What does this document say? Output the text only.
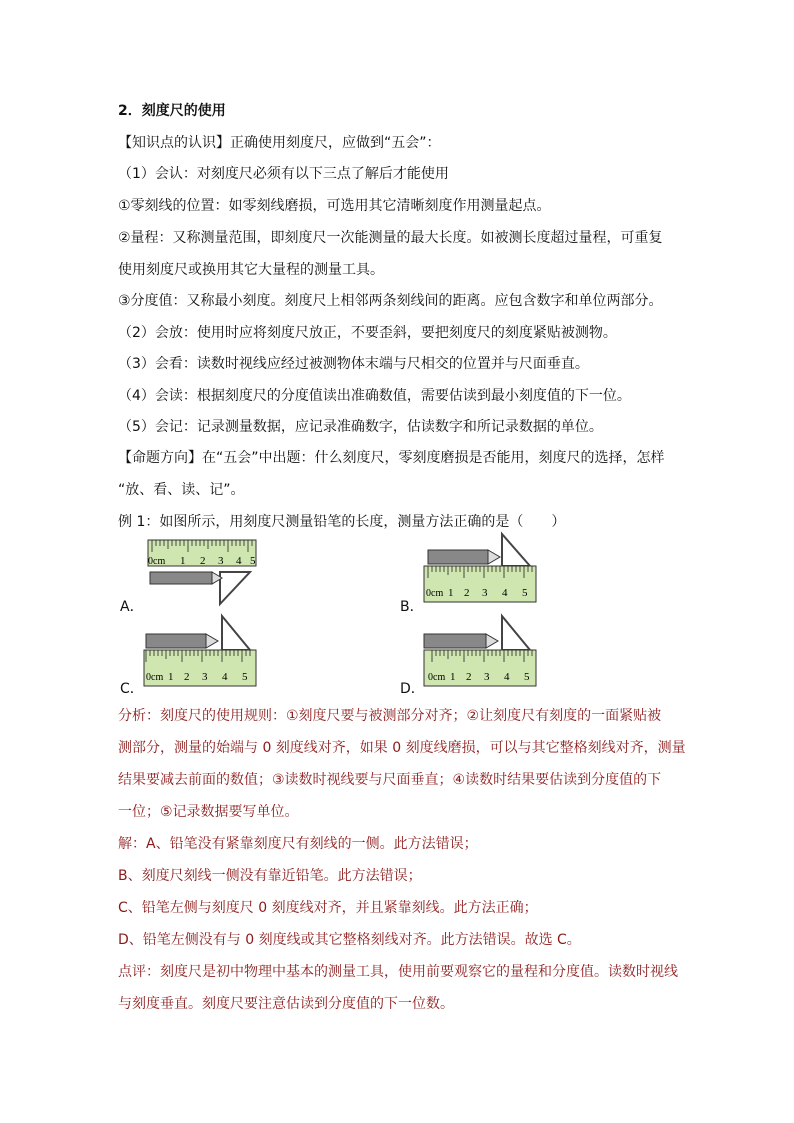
2．刻度尺的使用
【知识点的认识】正确使用刻度尺，应做到“五会”：
（1）会认：对刻度尺必须有以下三点了解后才能使用
①零刻线的位置：如零刻线磨损，可选用其它清晰刻度作用测量起点。
②量程：又称测量范围，即刻度尺一次能测量的最大长度。如被测长度超过量程，可重复
使用刻度尺或换用其它大量程的测量工具。
③分度值：又称最小刻度。刻度尺上相邻两条刻线间的距离。应包含数字和单位两部分。
（2）会放：使用时应将刻度尺放正，不要歪斜，要把刻度尺的刻度紧贴被测物。
（3）会看：读数时视线应经过被测物体末端与尺相交的位置并与尺面垂直。
（4）会读：根据刻度尺的分度值读出准确数值，需要估读到最小刻度值的下一位。
（5）会记：记录测量数据，应记录准确数字，估读数字和所记录数据的单位。
【命题方向】在“五会”中出题：什么刻度尺，零刻度磨损是否能用，刻度尺的选择，怎样
“放、看、读、记”。
例 1：如图所示，用刻度尺测量铅笔的长度，测量方法正确的是（　　）
0cm 1 2 3 4 5
A．
0cm 1 2 3 4 5
B．
0cm 1 2 3 4 5
C．
0cm 1 2 3 4 5
D．
分析：刻度尺的使用规则：①刻度尺要与被测部分对齐；②让刻度尺有刻度的一面紧贴被
测部分，测量的始端与 0 刻度线对齐，如果 0 刻度线磨损，可以与其它整格刻线对齐，测量
结果要减去前面的数值；③读数时视线要与尺面垂直；④读数时结果要估读到分度值的下
一位；⑤记录数据要写单位。
解：A、铅笔没有紧靠刻度尺有刻线的一侧。此方法错误；
B、刻度尺刻线一侧没有靠近铅笔。此方法错误；
C、铅笔左侧与刻度尺 0 刻度线对齐，并且紧靠刻线。此方法正确；
D、铅笔左侧没有与 0 刻度线或其它整格刻线对齐。此方法错误。故选 C。
点评：刻度尺是初中物理中基本的测量工具，使用前要观察它的量程和分度值。读数时视线
与刻度垂直。刻度尺要注意估读到分度值的下一位数。
